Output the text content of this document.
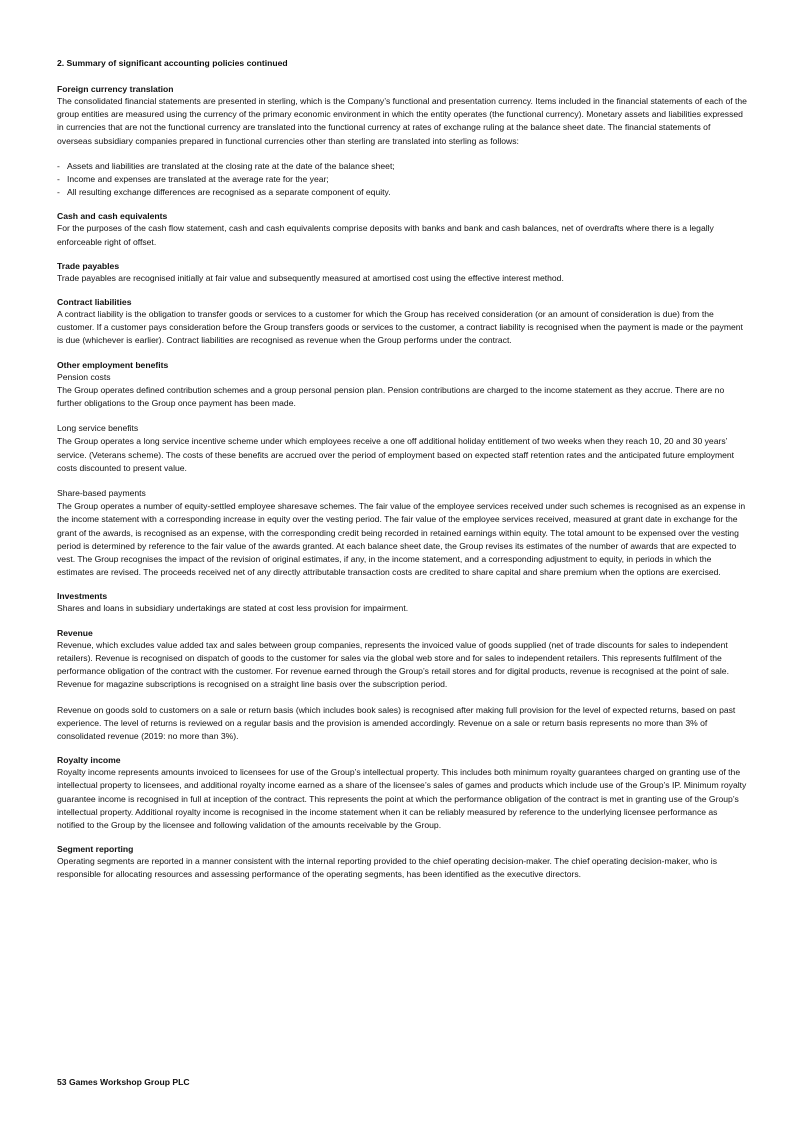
2. Summary of significant accounting policies continued
Foreign currency translation

The consolidated financial statements are presented in sterling, which is the Company’s functional and presentation currency. Items included in the financial statements of each of the group entities are measured using the currency of the primary economic environment in which the entity operates (the functional currency). Monetary assets and liabilities expressed in currencies that are not the functional currency are translated into the functional currency at rates of exchange ruling at the balance sheet date. The financial statements of overseas subsidiary companies prepared in functional currencies other than sterling are translated into sterling as follows:

- Assets and liabilities are translated at the closing rate at the date of the balance sheet;
- Income and expenses are translated at the average rate for the year;
- All resulting exchange differences are recognised as a separate component of equity.
Cash and cash equivalents

For the purposes of the cash flow statement, cash and cash equivalents comprise deposits with banks and bank and cash balances, net of overdrafts where there is a legally enforceable right of offset.

Trade payables

Trade payables are recognised initially at fair value and subsequently measured at amortised cost using the effective interest method.

Contract liabilities

A contract liability is the obligation to transfer goods or services to a customer for which the Group has received consideration (or an amount of consideration is due) from the customer. If a customer pays consideration before the Group transfers goods or services to the customer, a contract liability is recognised when the payment is made or the payment is due (whichever is earlier). Contract liabilities are recognised as revenue when the Group performs under the contract.

Other employment benefits
Pension costs

The Group operates defined contribution schemes and a group personal pension plan. Pension contributions are charged to the income statement as they accrue. There are no further obligations to the Group once payment has been made.

Long service benefits

The Group operates a long service incentive scheme under which employees receive a one off additional holiday entitlement of two weeks when they reach 10, 20 and 30 years’ service. (Veterans scheme). The costs of these benefits are accrued over the period of employment based on expected staff retention rates and the anticipated future employment costs discounted to present value.

Share-based payments

The Group operates a number of equity-settled employee sharesave schemes. The fair value of the employee services received under such schemes is recognised as an expense in the income statement with a corresponding increase in equity over the vesting period. The fair value of the employee services received, measured at grant date in exchange for the grant of the awards, is recognised as an expense, with the corresponding credit being recorded in retained earnings within equity. The total amount to be expensed over the vesting period is determined by reference to the fair value of the awards granted. At each balance sheet date, the Group revises its estimates of the number of awards that are expected to vest. The Group recognises the impact of the revision of original estimates, if any, in the income statement, and a corresponding adjustment to equity, in periods in which the estimates are revised. The proceeds received net of any directly attributable transaction costs are credited to share capital and share premium when the options are exercised.

Investments

Shares and loans in subsidiary undertakings are stated at cost less provision for impairment.

Revenue

Revenue, which excludes value added tax and sales between group companies, represents the invoiced value of goods supplied (net of trade discounts for sales to independent retailers). Revenue is recognised on dispatch of goods to the customer for sales via the global web store and for sales to independent retailers. This represents fulfilment of the performance obligation of the contract with the customer. For revenue earned through the Group’s retail stores and for digital products, revenue is recognised at the point of sale. Revenue for magazine subscriptions is recognised on a straight line basis over the subscription period.

Revenue on goods sold to customers on a sale or return basis (which includes book sales) is recognised after making full provision for the level of expected returns, based on past experience. The level of returns is reviewed on a regular basis and the provision is amended accordingly. Revenue on a sale or return basis represents no more than 3% of consolidated revenue (2019: no more than 3%).

Royalty income

Royalty income represents amounts invoiced to licensees for use of the Group’s intellectual property. This includes both minimum royalty guarantees charged on granting use of the intellectual property to licensees, and additional royalty income earned as a share of the licensee’s sales of games and products which include use of the Group’s IP. Minimum royalty guarantee income is recognised in full at inception of the contract. This represents the point at which the performance obligation of the contract is met in granting use of the Group’s intellectual property. Additional royalty income is recognised in the income statement when it can be reliably measured by reference to the underlying licensee performance as notified to the Group by the licensee and following validation of the amounts receivable by the Group.

Segment reporting

Operating segments are reported in a manner consistent with the internal reporting provided to the chief operating decision-maker. The chief operating decision-maker, who is responsible for allocating resources and assessing performance of the operating segments, has been identified as the executive directors.

53 Games Workshop Group PLC
